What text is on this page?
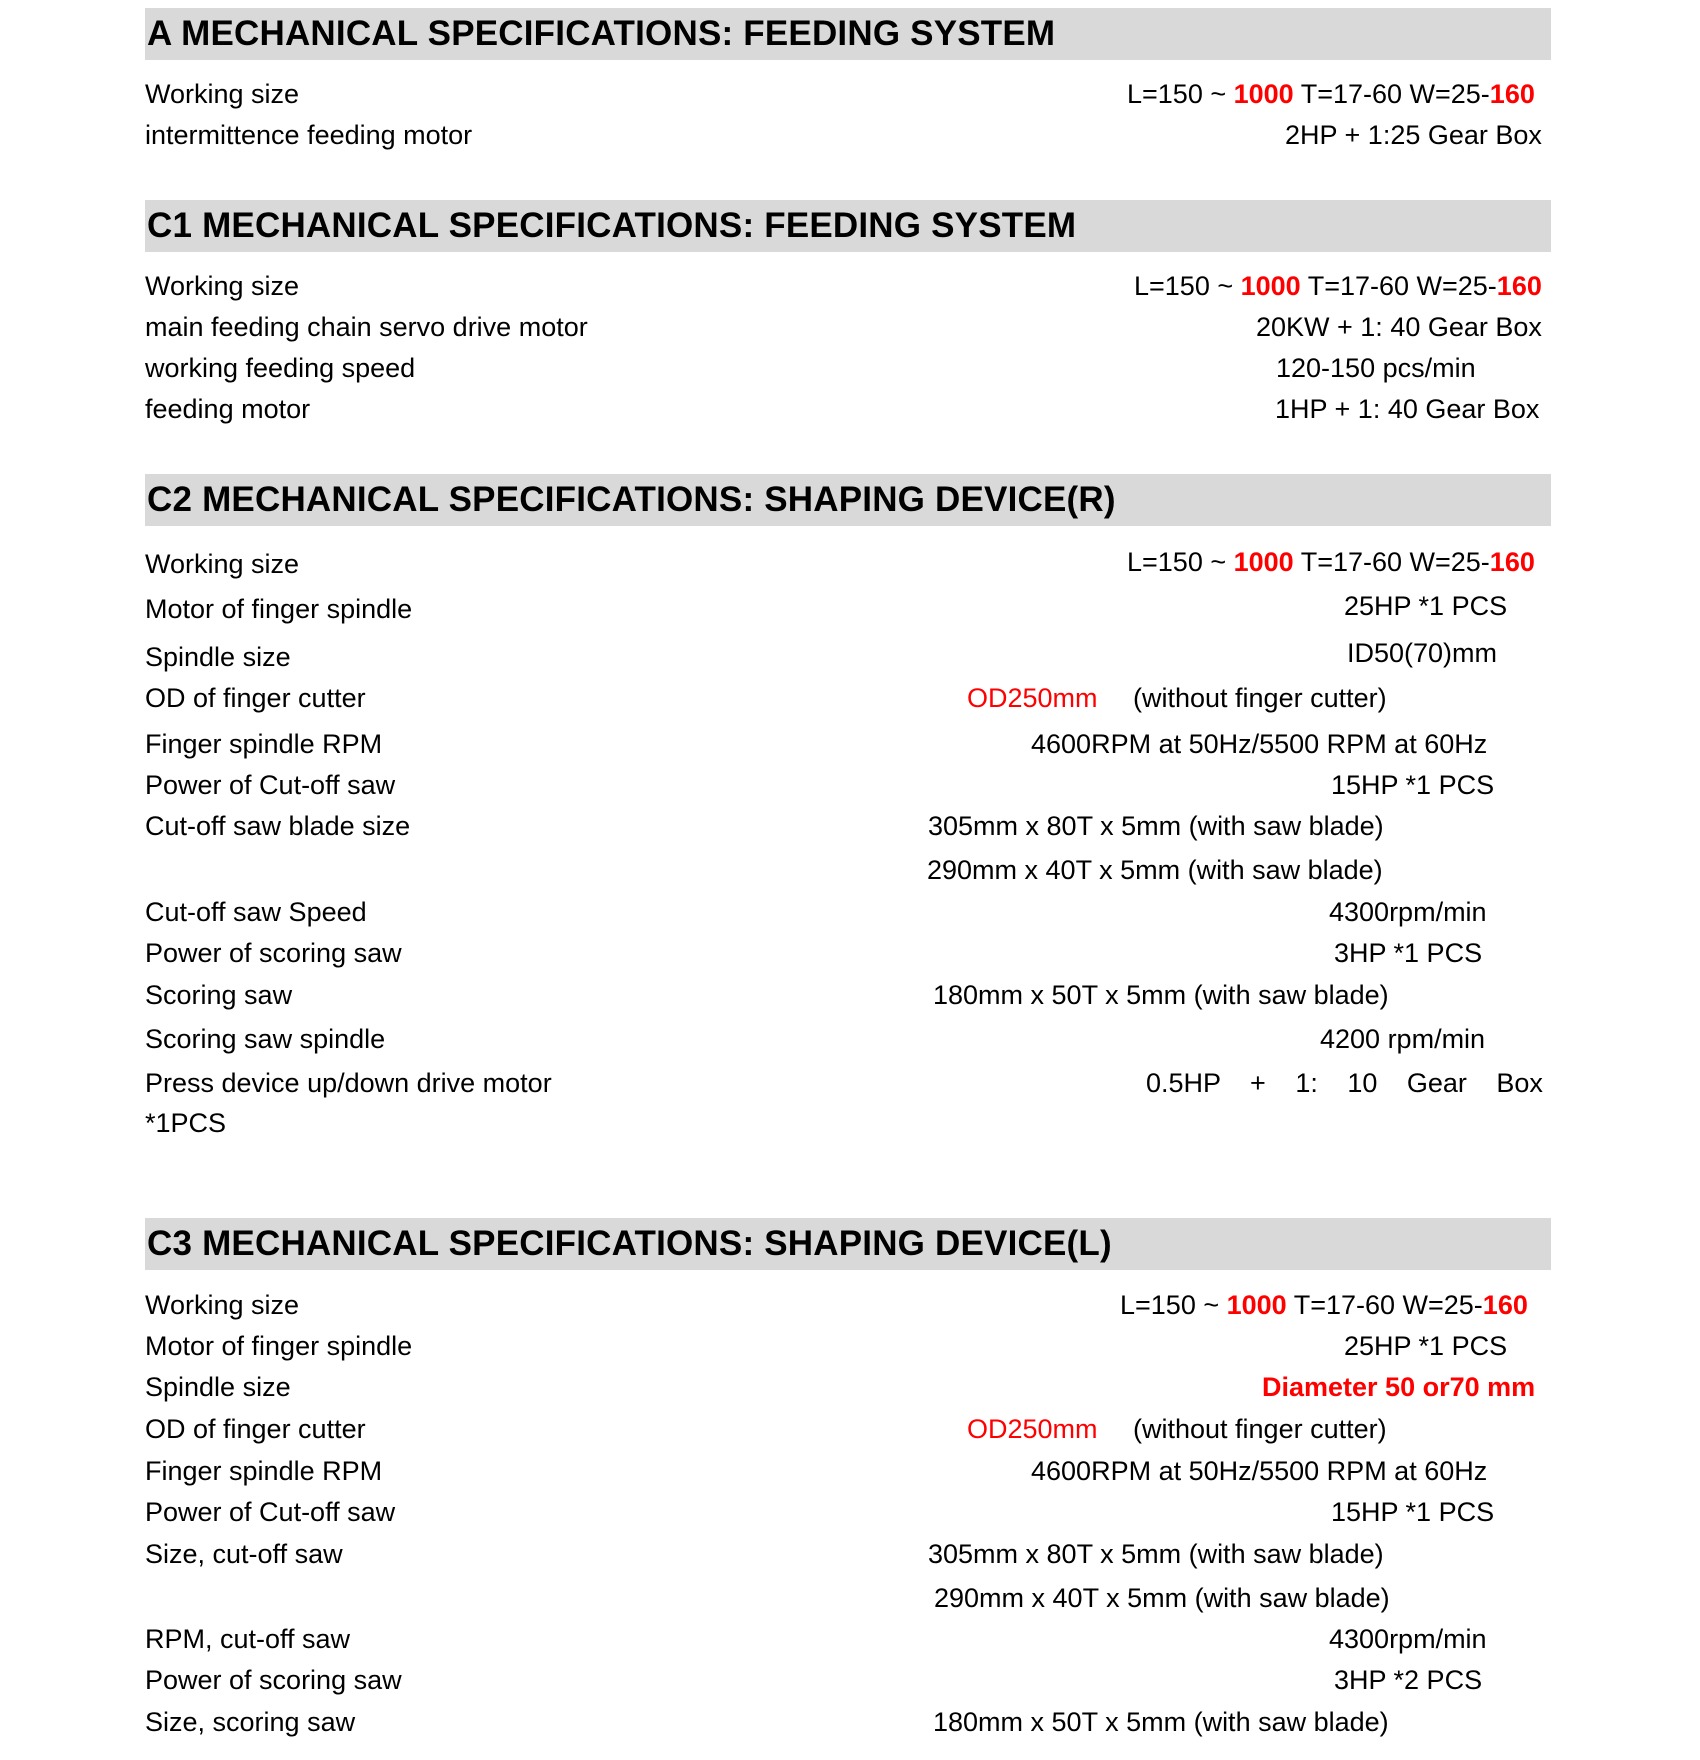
A MECHANICAL SPECIFICATIONS: FEEDING SYSTEM
Working size	L=150 ~ 1000 T=17-60 W=25-160
intermittence feeding motor	2HP + 1:25 Gear Box
C1 MECHANICAL SPECIFICATIONS: FEEDING SYSTEM
Working size	L=150 ~ 1000 T=17-60 W=25-160
main feeding chain servo drive motor	20KW + 1: 40 Gear Box
working feeding speed	120-150 pcs/min
feeding motor	1HP + 1: 40 Gear Box
C2 MECHANICAL SPECIFICATIONS: SHAPING DEVICE(R)
Working size	L=150 ~ 1000 T=17-60 W=25-160
Motor of finger spindle	25HP *1 PCS
Spindle size	ID50(70)mm
OD of finger cutter	OD250mm (without finger cutter)
Finger spindle RPM	4600RPM at 50Hz/5500 RPM at 60Hz
Power of Cut-off saw	15HP *1 PCS
Cut-off saw blade size	305mm x 80T x 5mm (with saw blade)
290mm x 40T x 5mm (with saw blade)
Cut-off saw Speed	4300rpm/min
Power of scoring saw	3HP *1 PCS
Scoring saw	180mm x 50T x 5mm (with saw blade)
Scoring saw spindle	4200 rpm/min
Press device up/down drive motor	0.5HP + 1: 10 Gear Box
*1PCS
C3 MECHANICAL SPECIFICATIONS: SHAPING DEVICE(L)
Working size	L=150 ~ 1000 T=17-60 W=25-160
Motor of finger spindle	25HP *1 PCS
Spindle size	Diameter 50 or70 mm
OD of finger cutter	OD250mm (without finger cutter)
Finger spindle RPM	4600RPM at 50Hz/5500 RPM at 60Hz
Power of Cut-off saw	15HP *1 PCS
Size, cut-off saw	305mm x 80T x 5mm (with saw blade)
290mm x 40T x 5mm (with saw blade)
RPM, cut-off saw	4300rpm/min
Power of scoring saw	3HP *2 PCS
Size, scoring saw	180mm x 50T x 5mm (with saw blade)
